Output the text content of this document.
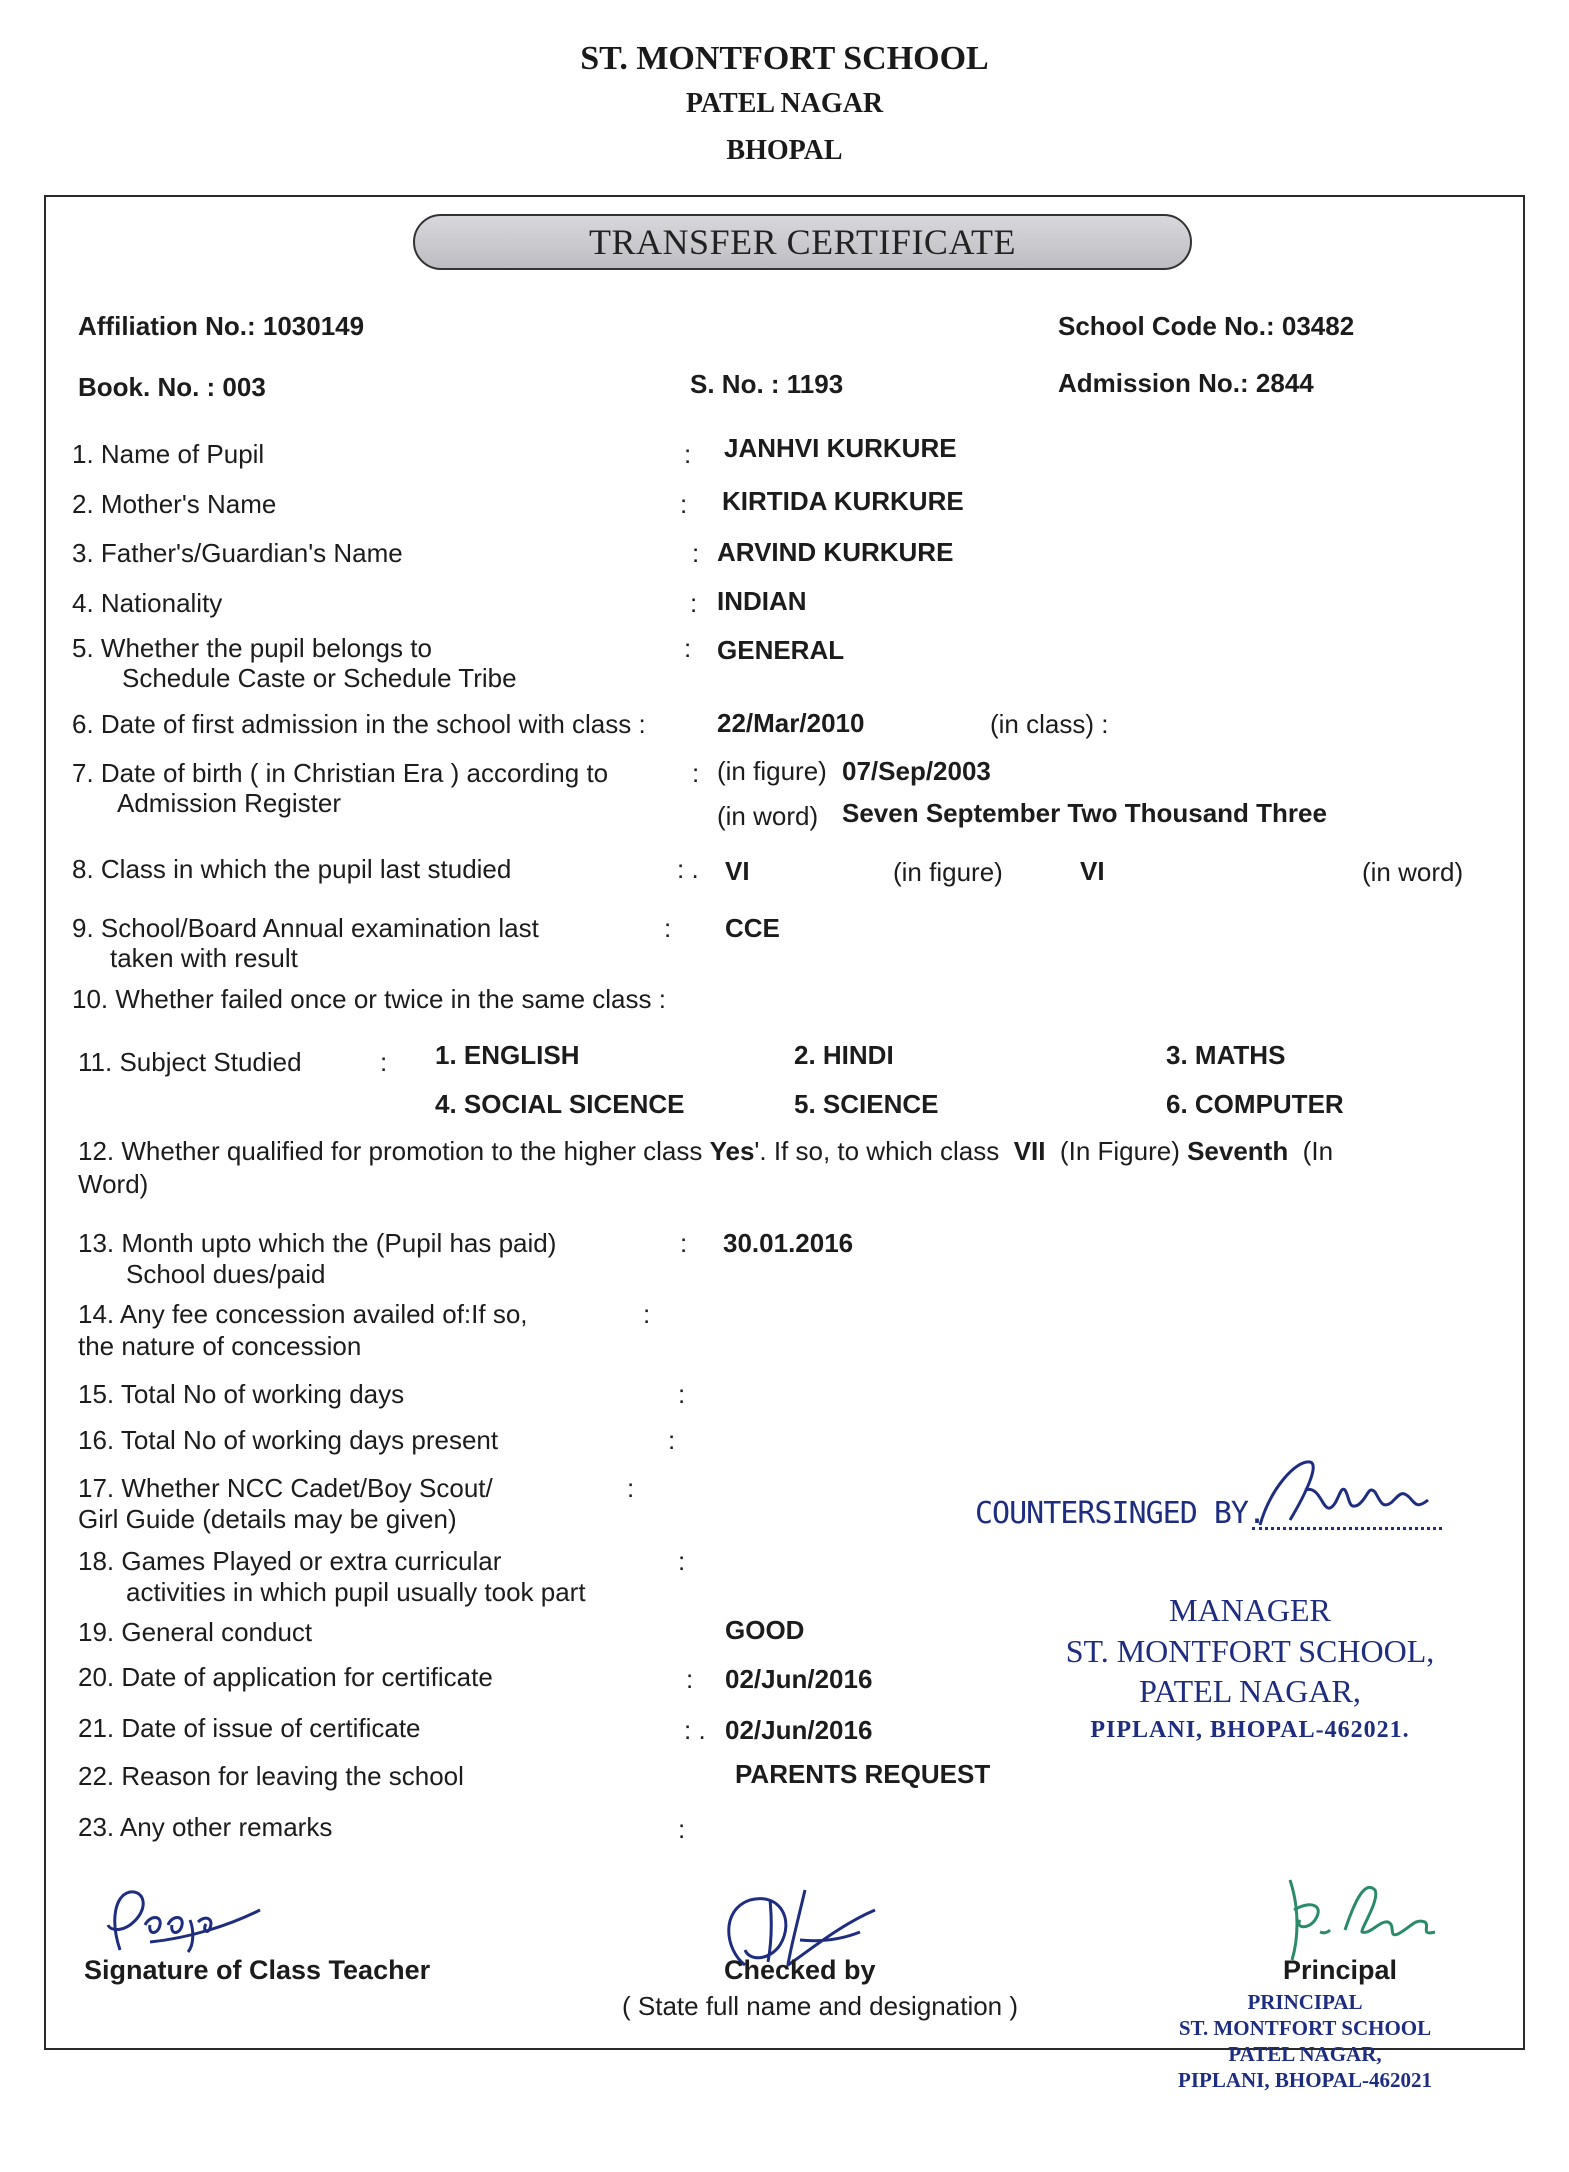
ST. MONTFORT SCHOOL
PATEL NAGAR
BHOPAL
TRANSFER CERTIFICATE
Affiliation No.: 1030149	School Code No.: 03482
Book. No. : 003	S. No. : 1193	Admission No.: 2844
1. Name of Pupil	: JANHVI KURKURE
2. Mother's Name	: KIRTIDA KURKURE
3. Father's/Guardian's Name	: ARVIND KURKURE
4. Nationality	: INDIAN
5. Whether the pupil belongs to
Schedule Caste or Schedule Tribe
: GENERAL
6. Date of first admission in the school with class :	22/Mar/2010	(in class) :
7. Date of birth ( in Christian Era ) according to
Admission Register
: (in figure) 07/Sep/2003
(in word) Seven September Two Thousand Three
8. Class in which the pupil last studied	: . VI	(in figure)	VI	(in word)
9. School/Board Annual examination last
taken with result
: CCE
10. Whether failed once or twice in the same class :
11. Subject Studied	: 1. ENGLISH	2. HINDI	3. MATHS
4. SOCIAL SICENCE	5. SCIENCE	6. COMPUTER
12. Whether qualified for promotion to the higher class Yes'. If so, to which class  VII  (In Figure) Seventh  (In
Word)
13. Month upto which the (Pupil has paid)
School dues/paid
: 30.01.2016
14. Any fee concession availed of:If so,
the nature of concession
:
15. Total No of working days	:
16. Total No of working days present	:
17. Whether NCC Cadet/Boy Scout/
Girl Guide (details may be given)
:
18. Games Played or extra curricular
activities in which pupil usually took part
:
19. General conduct	GOOD
20. Date of application for certificate	: 02/Jun/2016
21. Date of issue of certificate	: . 02/Jun/2016
22. Reason for leaving the school	PARENTS REQUEST
23. Any other remarks	:
COUNTERSINGED BY.
MANAGER
ST. MONTFORT SCHOOL,
PATEL NAGAR,
PIPLANI, BHOPAL-462021.
Signature of Class Teacher	Checked by
( State full name and designation )
Principal
PRINCIPAL
ST. MONTFORT SCHOOL
PATEL NAGAR,
PIPLANI, BHOPAL-462021
